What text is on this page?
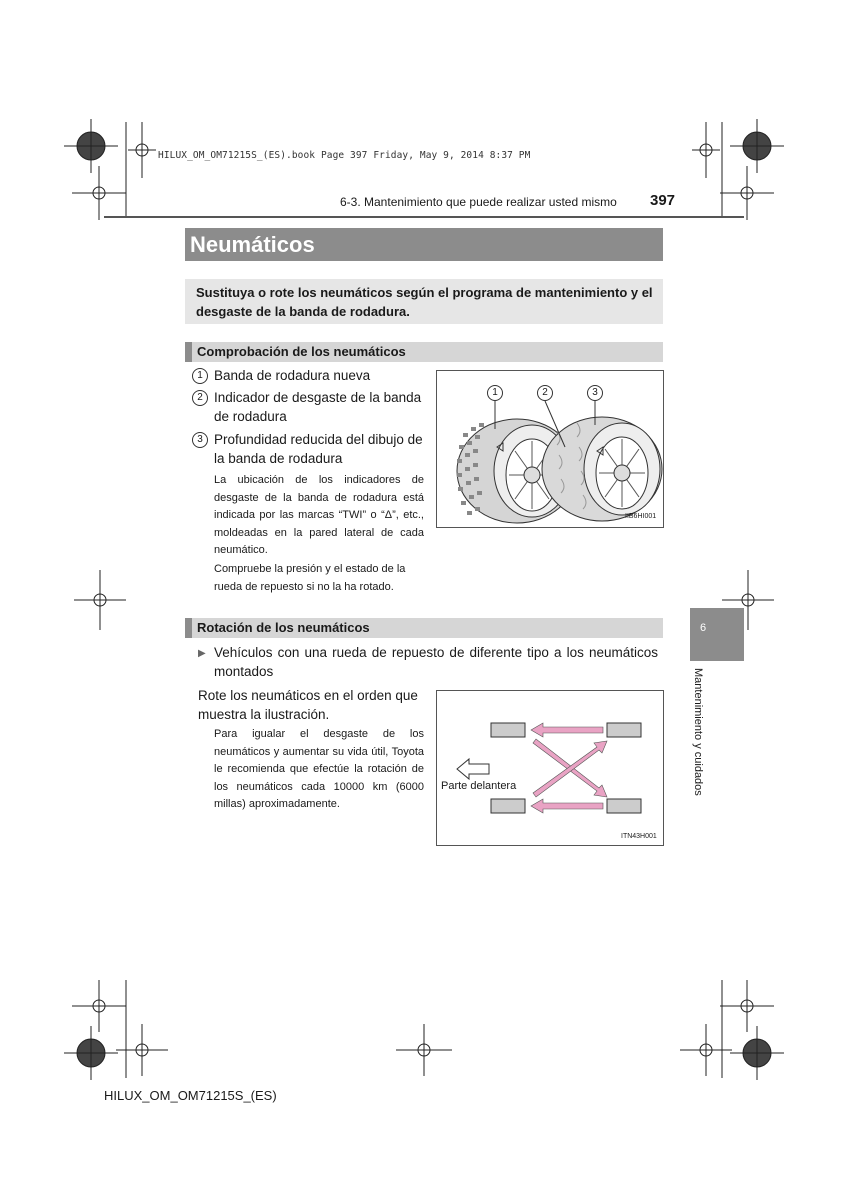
HILUX_OM_OM71215S_(ES).book Page 397 Friday, May 9, 2014 8:37 PM
6-3. Mantenimiento que puede realizar usted mismo 397
Neumáticos
Sustituya o rote los neumáticos según el programa de mantenimiento y el desgaste de la banda de rodadura.
Comprobación de los neumáticos
1 Banda de rodadura nueva
2 Indicador de desgaste de la banda de rodadura
3 Profundidad reducida del dibujo de la banda de rodadura
La ubicación de los indicadores de desgaste de la banda de rodadura está indicada por las marcas “TWI” o “Δ”, etc., moldeadas en la pared lateral de cada neumático.
Compruebe la presión y el estado de la rueda de repuesto si no la ha rotado.
1	2	3
IIB6HI001
Rotación de los neumáticos
▶ Vehículos con una rueda de repuesto de diferente tipo a los neumáticos montados
Rote los neumáticos en el orden que muestra la ilustración.
Para igualar el desgaste de los neumáticos y aumentar su vida útil, Toyota le recomienda que efectúe la rotación de los neumáticos cada 10000 km (6000 millas) aproximadamente.
Parte delantera
ITN43H001
6
Mantenimiento y cuidados
HILUX_OM_OM71215S_(ES)
